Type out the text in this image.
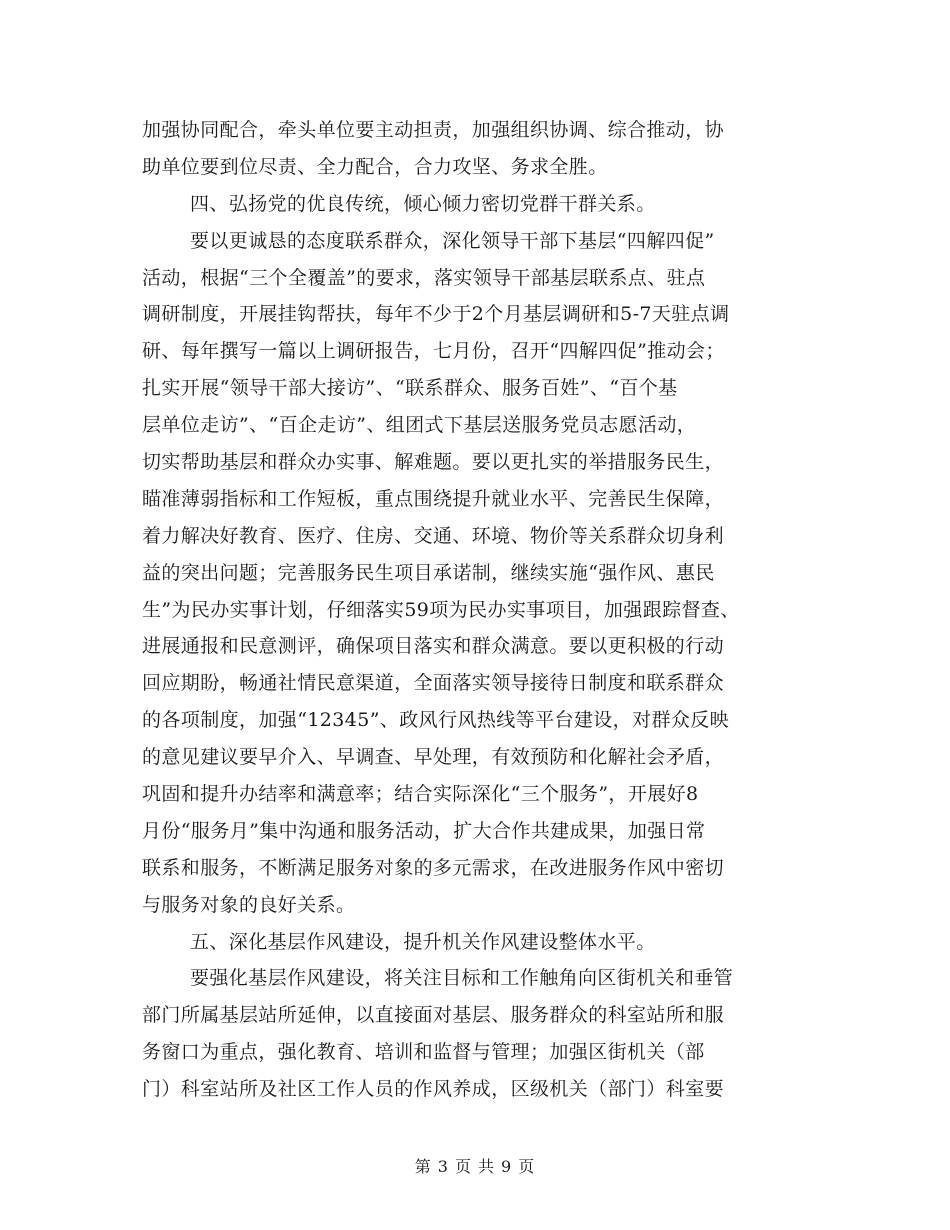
加强协同配合，牵头单位要主动担责，加强组织协调、综合推动，协
助单位要到位尽责、全力配合，合力攻坚、务求全胜。
四、弘扬党的优良传统，倾心倾力密切党群干群关系。
要以更诚恳的态度联系群众，深化领导干部下基层“四解四促”
活动，根据“三个全覆盖”的要求，落实领导干部基层联系点、驻点
调研制度，开展挂钩帮扶，每年不少于2个月基层调研和5-7天驻点调
研、每年撰写一篇以上调研报告，七月份，召开“四解四促”推动会；
扎实开展“领导干部大接访”、“联系群众、服务百姓”、“百个基
层单位走访”、“百企走访”、组团式下基层送服务党员志愿活动，
切实帮助基层和群众办实事、解难题。要以更扎实的举措服务民生，
瞄准薄弱指标和工作短板，重点围绕提升就业水平、完善民生保障，
着力解决好教育、医疗、住房、交通、环境、物价等关系群众切身利
益的突出问题；完善服务民生项目承诺制，继续实施“强作风、惠民
生”为民办实事计划，仔细落实59项为民办实事项目，加强跟踪督查、
进展通报和民意测评，确保项目落实和群众满意。要以更积极的行动
回应期盼，畅通社情民意渠道，全面落实领导接待日制度和联系群众
的各项制度，加强“12345”、政风行风热线等平台建设，对群众反映
的意见建议要早介入、早调查、早处理，有效预防和化解社会矛盾，
巩固和提升办结率和满意率；结合实际深化“三个服务”，开展好8
月份“服务月”集中沟通和服务活动，扩大合作共建成果，加强日常
联系和服务，不断满足服务对象的多元需求，在改进服务作风中密切
与服务对象的良好关系。
五、深化基层作风建设，提升机关作风建设整体水平。
要强化基层作风建设，将关注目标和工作触角向区街机关和垂管
部门所属基层站所延伸，以直接面对基层、服务群众的科室站所和服
务窗口为重点，强化教育、培训和监督与管理；加强区街机关（部
门）科室站所及社区工作人员的作风养成，区级机关（部门）科室要
第 3 页 共 9 页
